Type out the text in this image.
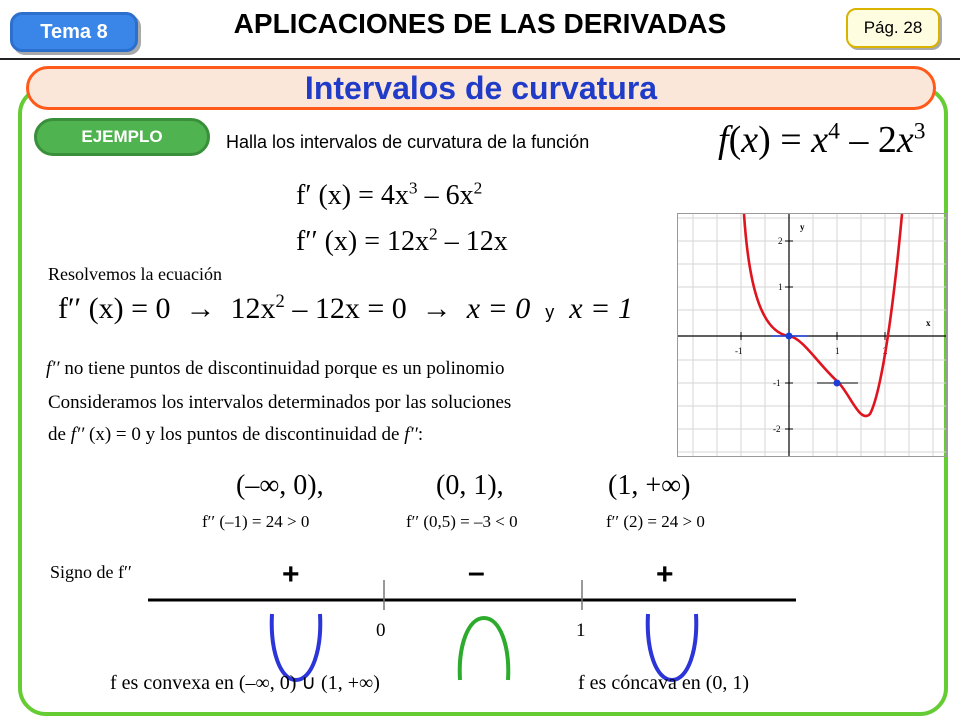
Tema 8	APLICACIONES DE LAS DERIVADAS	Pág. 28
Intervalos de curvatura
EJEMPLO	Halla los intervalos de curvatura de la función	$f(x) = x^4 - 2x^3$
f′ $(x) = 4x^3 - 6x^2$
f′′ $(x) = 12x^2 - 12x$
Resolvemos la ecuación
f′′ $(x) = 0 \to 12x^2 - 12x = 0 \to x = 0$ y x = 1
f′′ no tiene puntos de discontinuidad porque es un polinomio
Consideramos los intervalos determinados por las soluciones
de f′′ (x) = 0 y los puntos de discontinuidad de f′′:
(–∞, 0),	(0, 1),	(1, +∞)
f′′ (–1) = 24 > 0	f′′ (0,5) = –3 < 0	f′′ (2) = 24 > 0
Signo de f′′	+	–	+
0	1
f es convexa en (–∞, 0) ∪ (1, +∞)	f es cóncava en (0, 1)
-1	1	2
2
1
-1
-2
x
y
